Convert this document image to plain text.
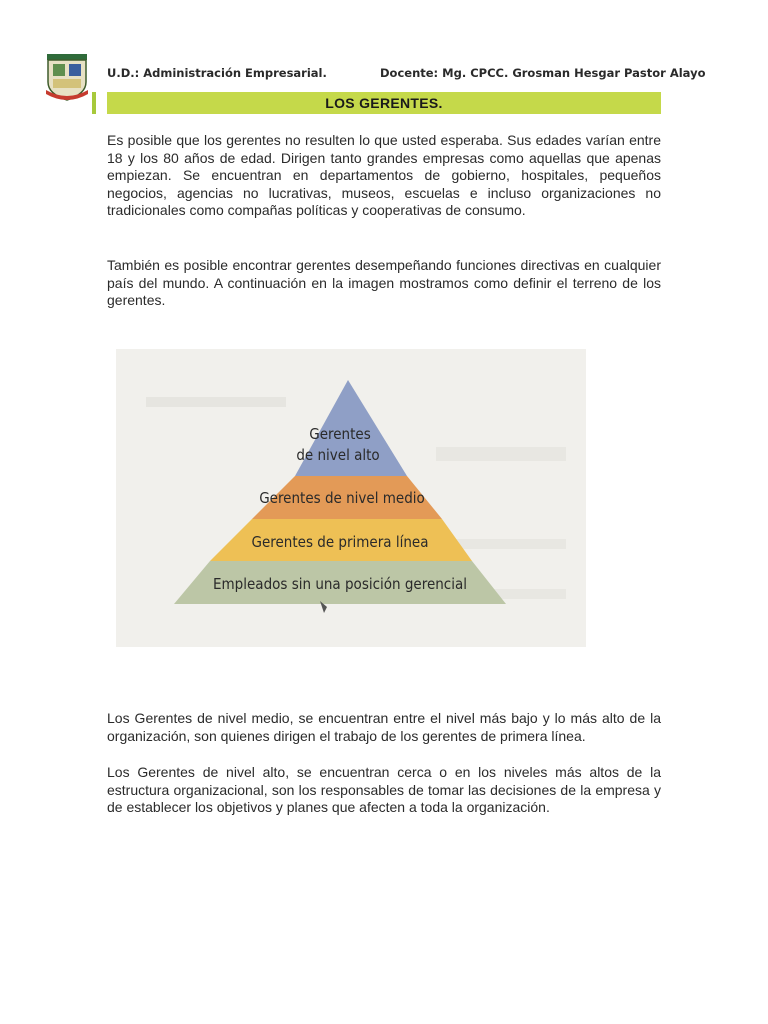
U.D.: Administración Empresarial.	Docente: Mg. CPCC. Grosman Hesgar Pastor Alayo
LOS GERENTES.

Es posible que los gerentes no resulten lo que usted esperaba. Sus edades varían entre 18 y los 80 años de edad. Dirigen tanto grandes empresas como aquellas que apenas empiezan. Se encuentran en departamentos de gobierno, hospitales, pequeños negocios, agencias no lucrativas, museos, escuelas e incluso organizaciones no tradicionales como compañas políticas y cooperativas de consumo.

También es posible encontrar gerentes desempeñando funciones directivas en cualquier país del mundo. A continuación en la imagen mostramos como definir el terreno de los gerentes.

Gerentes
de nivel alto
Gerentes de nivel medio
Gerentes de primera línea
Empleados sin una posición gerencial

Los Gerentes de nivel medio, se encuentran entre el nivel más bajo y lo más alto de la organización, son quienes dirigen el trabajo de los gerentes de primera línea.

Los Gerentes de nivel alto, se encuentran cerca o en los niveles más altos de la estructura organizacional, son los responsables de tomar las decisiones de la empresa y de establecer los objetivos y planes que afecten a toda la organización.
